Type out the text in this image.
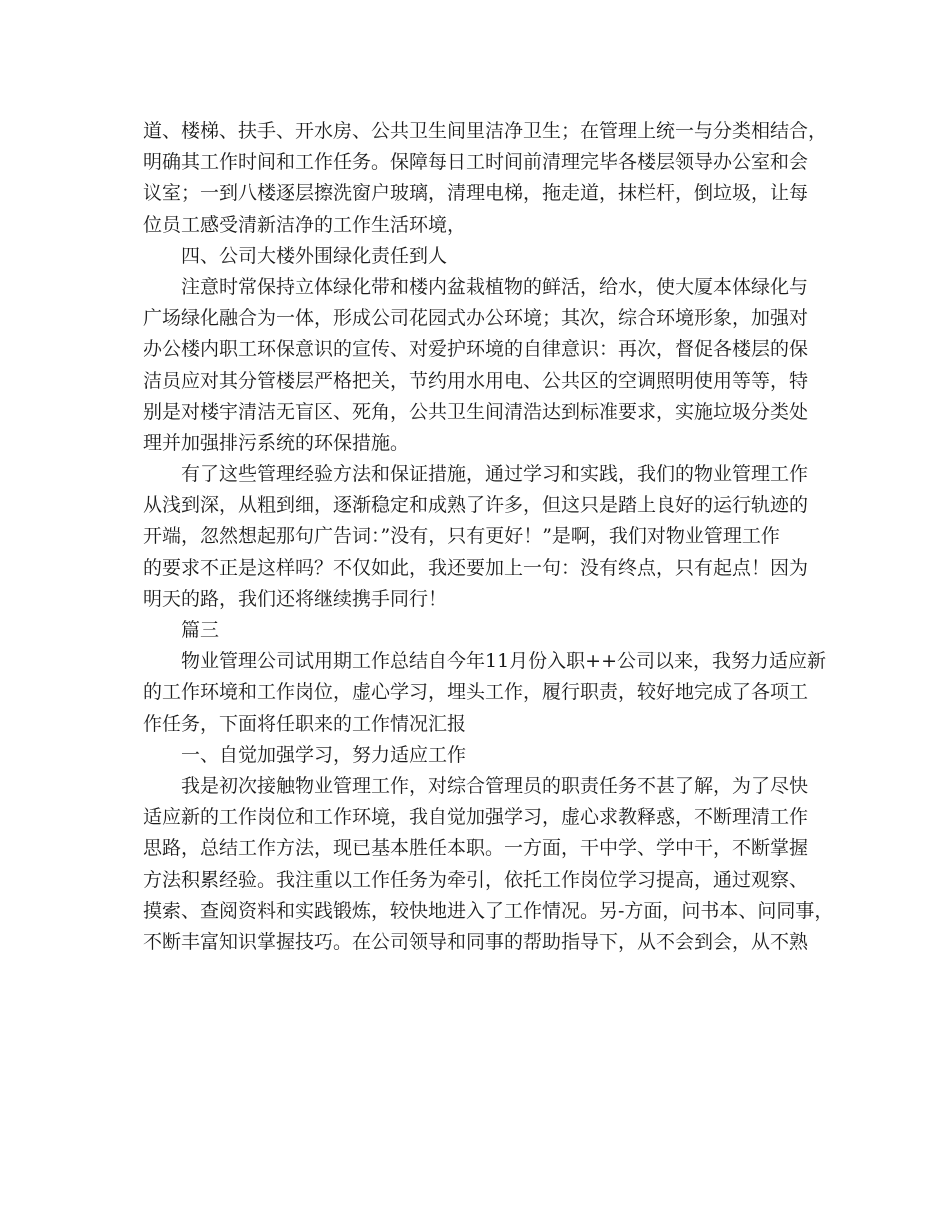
道、楼梯、扶手、开水房、公共卫生间里洁净卫生；在管理上统一与分类相结合，
明确其工作时间和工作任务。保障每日工时间前清理完毕各楼层领导办公室和会
议室；一到八楼逐层擦洗窗户玻璃，清理电梯，拖走道，抹栏杆，倒垃圾，让每
位员工感受清新洁净的工作生活环境，
四、公司大楼外围绿化责任到人
注意时常保持立体绿化带和楼内盆栽植物的鲜活，给水，使大厦本体绿化与
广场绿化融合为一体，形成公司花园式办公环境；其次，综合环境形象，加强对
办公楼内职工环保意识的宣传、对爱护环境的自律意识：再次，督促各楼层的保
洁员应对其分管楼层严格把关，节约用水用电、公共区的空调照明使用等等，特
别是对楼宇清洁无盲区、死角，公共卫生间清浩达到标准要求，实施垃圾分类处
理并加强排污系统的环保措施。
有了这些管理经验方法和保证措施，通过学习和实践，我们的物业管理工作
从浅到深，从粗到细，逐渐稳定和成熟了许多，但这只是踏上良好的运行轨迹的
开端，忽然想起那句广告词：”没有，只有更好！”是啊，我们对物业管理工作
的要求不正是这样吗？不仅如此，我还要加上一句：没有终点，只有起点！因为
明天的路，我们还将继续携手同行！
篇三
物业管理公司试用期工作总结自今年11月份入职++公司以来，我努力适应新
的工作环境和工作岗位，虚心学习，埋头工作，履行职责，较好地完成了各项工
作任务，下面将任职来的工作情况汇报
一、自觉加强学习，努力适应工作
我是初次接触物业管理工作，对综合管理员的职责任务不甚了解，为了尽快
适应新的工作岗位和工作环境，我自觉加强学习，虚心求教释惑，不断理清工作
思路，总结工作方法，现已基本胜任本职。一方面，干中学、学中干，不断掌握
方法积累经验。我注重以工作任务为牵引，依托工作岗位学习提高，通过观察、
摸索、查阅资料和实践锻炼，较快地进入了工作情况。另-方面，问书本、问同事，
不断丰富知识掌握技巧。在公司领导和同事的帮助指导下，从不会到会，从不熟
